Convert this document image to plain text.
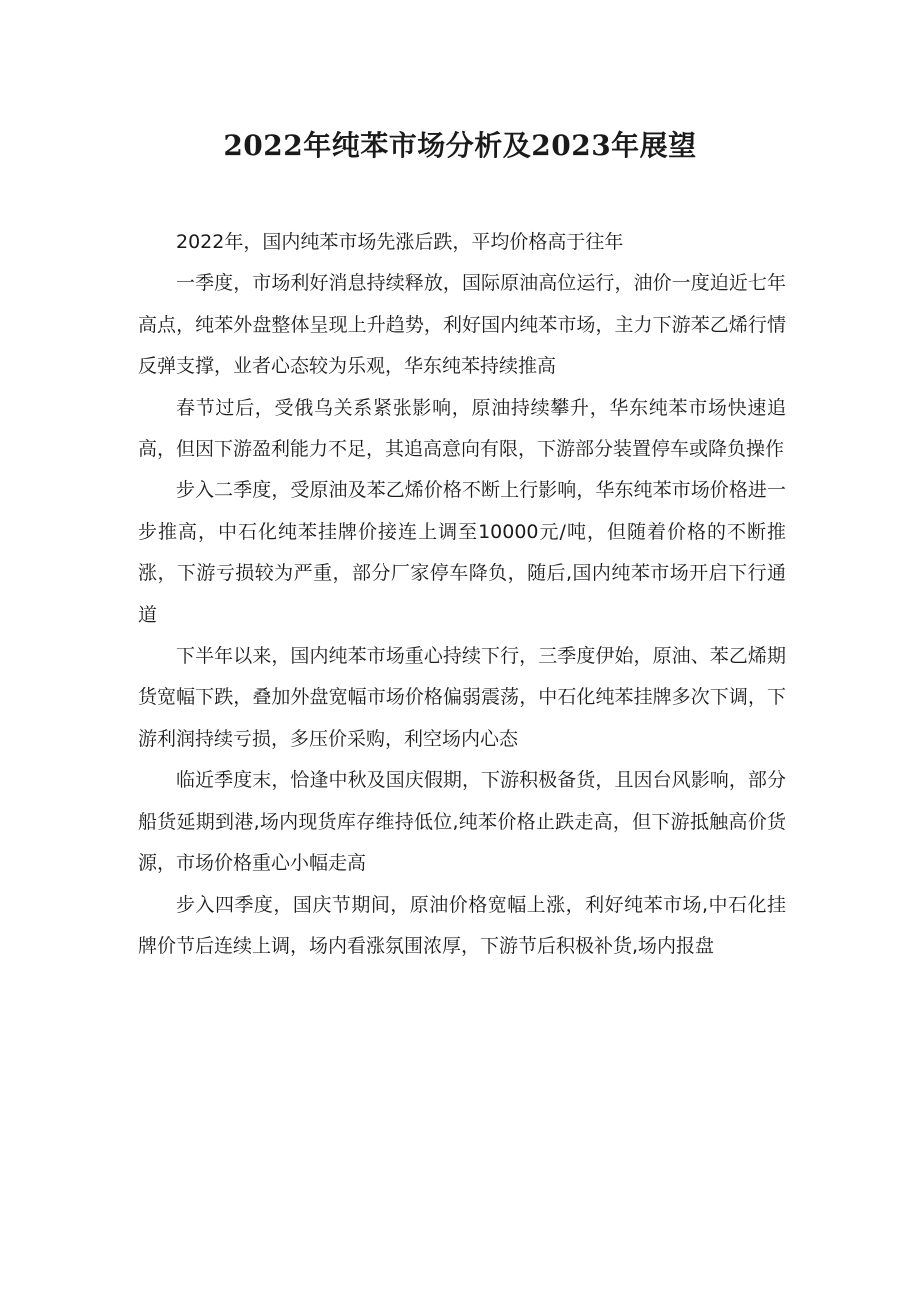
2022年纯苯市场分析及2023年展望

2022年，国内纯苯市场先涨后跌，平均价格高于往年

一季度，市场利好消息持续释放，国际原油高位运行，油价一度迫近七年高点，纯苯外盘整体呈现上升趋势，利好国内纯苯市场，主力下游苯乙烯行情反弹支撑，业者心态较为乐观，华东纯苯持续推高

春节过后，受俄乌关系紧张影响，原油持续攀升，华东纯苯市场快速追高，但因下游盈利能力不足，其追高意向有限，下游部分装置停车或降负操作

步入二季度，受原油及苯乙烯价格不断上行影响，华东纯苯市场价格进一步推高，中石化纯苯挂牌价接连上调至10000元/吨，但随着价格的不断推涨，下游亏损较为严重，部分厂家停车降负，随后,国内纯苯市场开启下行通道

下半年以来，国内纯苯市场重心持续下行，三季度伊始，原油、苯乙烯期货宽幅下跌，叠加外盘宽幅市场价格偏弱震荡，中石化纯苯挂牌多次下调，下游利润持续亏损，多压价采购，利空场内心态

临近季度末，恰逢中秋及国庆假期，下游积极备货，且因台风影响，部分船货延期到港,场内现货库存维持低位,纯苯价格止跌走高，但下游抵触高价货源，市场价格重心小幅走高

步入四季度，国庆节期间，原油价格宽幅上涨，利好纯苯市场,中石化挂牌价节后连续上调，场内看涨氛围浓厚，下游节后积极补货,场内报盘
